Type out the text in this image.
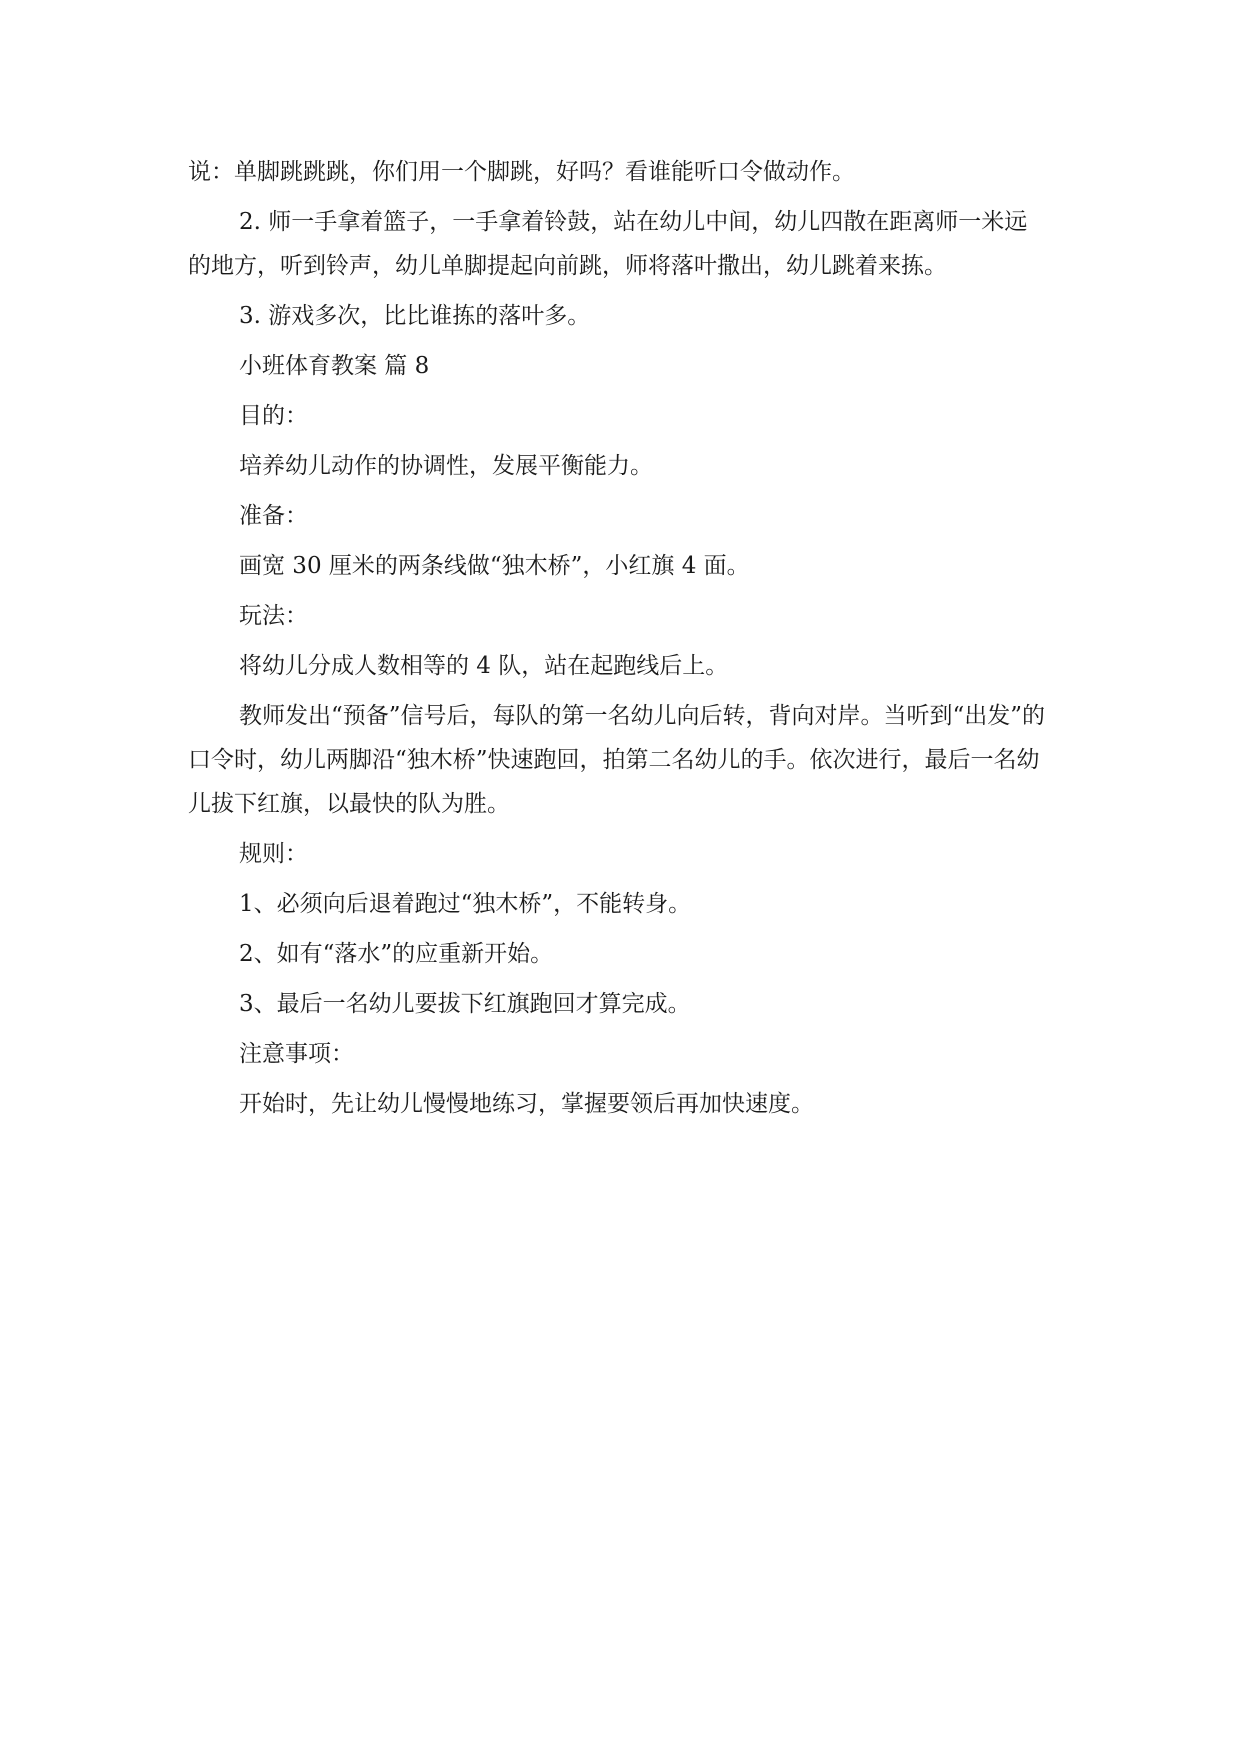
说：单脚跳跳跳，你们用一个脚跳，好吗？看谁能听口令做动作。

2. 师一手拿着篮子，一手拿着铃鼓，站在幼儿中间，幼儿四散在距离师一米远的地方，听到铃声，幼儿单脚提起向前跳，师将落叶撒出，幼儿跳着来拣。

3. 游戏多次，比比谁拣的落叶多。

小班体育教案 篇 8

目的：

培养幼儿动作的协调性，发展平衡能力。

准备：

画宽 30 厘米的两条线做“独木桥”，小红旗 4 面。

玩法：

将幼儿分成人数相等的 4 队，站在起跑线后上。

教师发出“预备”信号后，每队的第一名幼儿向后转，背向对岸。当听到“出发”的口令时，幼儿两脚沿“独木桥”快速跑回，拍第二名幼儿的手。依次进行，最后一名幼儿拔下红旗，以最快的队为胜。

规则：

1、必须向后退着跑过“独木桥”，不能转身。

2、如有“落水”的应重新开始。

3、最后一名幼儿要拔下红旗跑回才算完成。

注意事项：

开始时，先让幼儿慢慢地练习，掌握要领后再加快速度。
